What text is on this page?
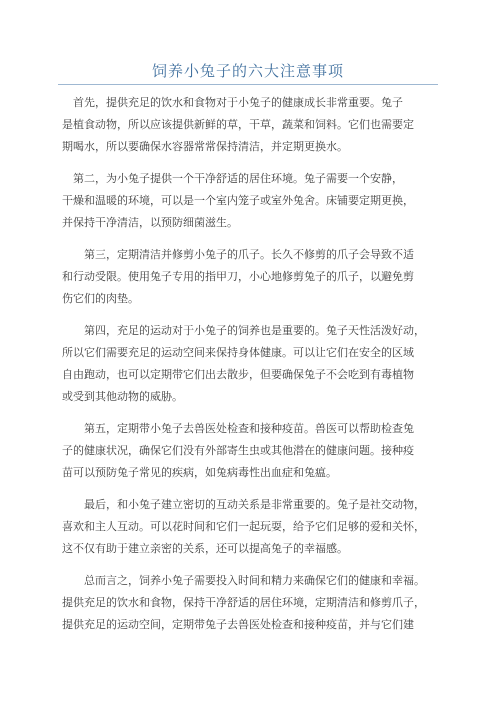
饲养小兔子的六大注意事项
首先，提供充足的饮水和食物对于小兔子的健康成长非常重要。兔子
是植食动物，所以应该提供新鲜的草，干草，蔬菜和饲料。它们也需要定
期喝水，所以要确保水容器常常保持清洁，并定期更换水。
第二，为小兔子提供一个干净舒适的居住环境。兔子需要一个安静，
干燥和温暖的环境，可以是一个室内笼子或室外兔舍。床铺要定期更换，
并保持干净清洁，以预防细菌滋生。
第三，定期清洁并修剪小兔子的爪子。长久不修剪的爪子会导致不适
和行动受限。使用兔子专用的指甲刀，小心地修剪兔子的爪子，以避免剪
伤它们的肉垫。
第四，充足的运动对于小兔子的饲养也是重要的。兔子天性活泼好动，
所以它们需要充足的运动空间来保持身体健康。可以让它们在安全的区域
自由跑动，也可以定期带它们出去散步，但要确保兔子不会吃到有毒植物
或受到其他动物的威胁。
第五，定期带小兔子去兽医处检查和接种疫苗。兽医可以帮助检查兔
子的健康状况，确保它们没有外部寄生虫或其他潜在的健康问题。接种疫
苗可以预防兔子常见的疾病，如兔病毒性出血症和兔瘟。
最后，和小兔子建立密切的互动关系是非常重要的。兔子是社交动物，
喜欢和主人互动。可以花时间和它们一起玩耍，给予它们足够的爱和关怀，
这不仅有助于建立亲密的关系，还可以提高兔子的幸福感。
总而言之，饲养小兔子需要投入时间和精力来确保它们的健康和幸福。
提供充足的饮水和食物，保持干净舒适的居住环境，定期清洁和修剪爪子，
提供充足的运动空间，定期带兔子去兽医处检查和接种疫苗，并与它们建
